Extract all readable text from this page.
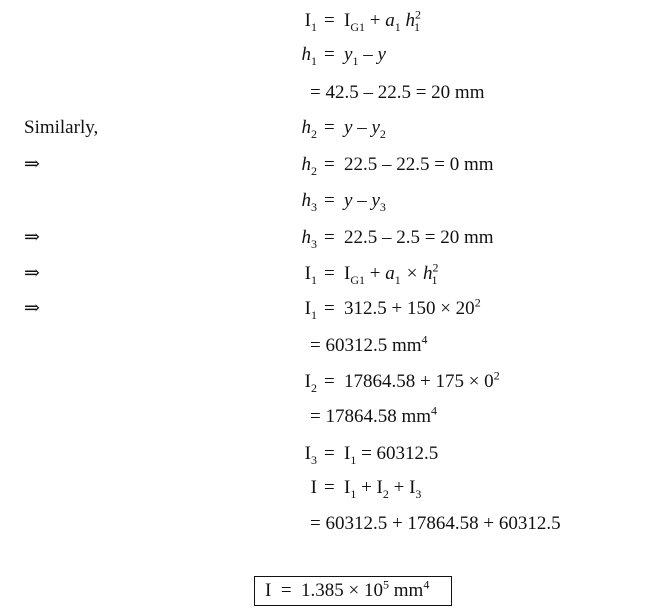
$I_1 = I_{G1} + a_1$ $h^2_1$
$h_1 = y_1 - y$
= 42.5 – 22.5 = 20 mm
Similarly,	$h_2 = y - y_2$
⇒	$h_2 = 22.5 - 22.5 = 0$ mm
$h_3 = y - y_3$
⇒	$h_3 = 22.5 - 2.5 = 20$ mm
⇒	$I_1 = I_{G1} + a_1 \times h^2_1$
⇒	$I_1 = 312.5 + 150 \times 20^2$
= 60312.5 $mm^4$
$I_2 = 17864.58 + 175 \times 0^2$
= 17864.58 $mm^4$
$I_3 = I_1 = 60312.5$
$I = I_1 + I_2 + I_3$
= 60312.5 + 17864.58 + 60312.5
$I = 1.385 \times 10^5$ $mm^4$
